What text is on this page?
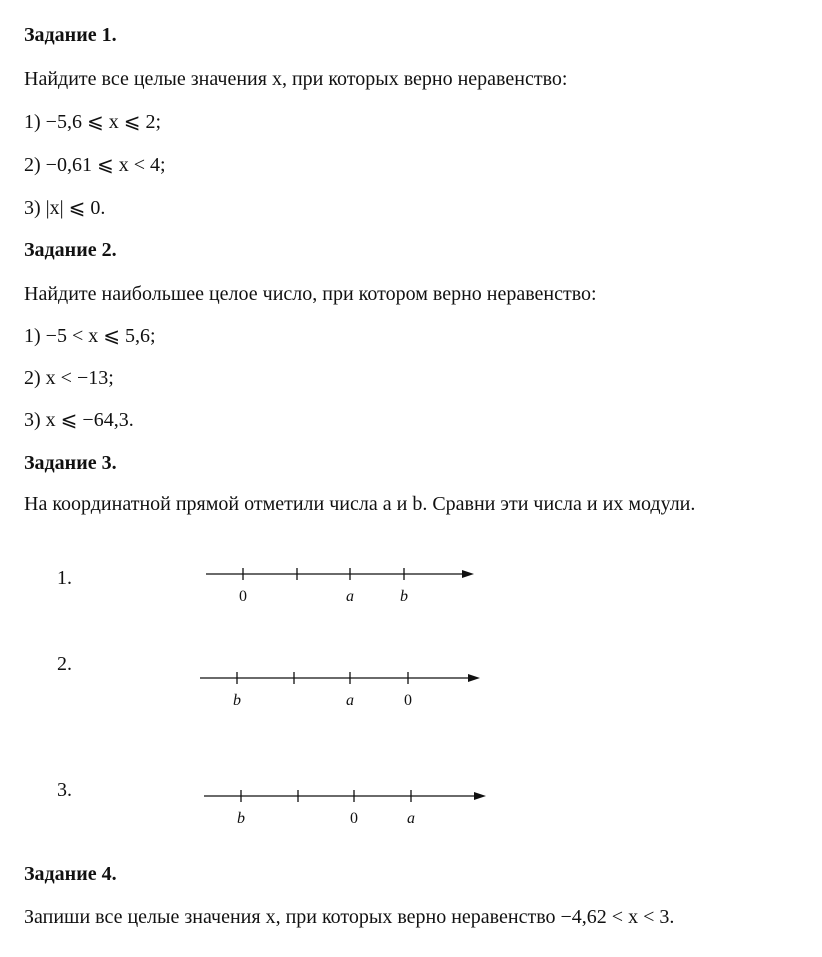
Задание 1.
Найдите все целые значения x, при которых верно неравенство:
1) −5,6 ⩽ x ⩽ 2;
2) −0,61 ⩽ x < 4;
3) |x| ⩽ 0.
Задание 2.
Найдите наибольшее целое число, при котором верно неравенство:
1) −5 < x ⩽ 5,6;
2) x < −13;
3) x ⩽ −64,3.
Задание 3.
На координатной прямой отметили числа a и b. Сравни эти числа и их модули.
1.
0	a	b
2.
b	a	0
3.
b	0	a
Задание 4.
Запиши все целые значения x, при которых верно неравенство −4,62 < x < 3.
